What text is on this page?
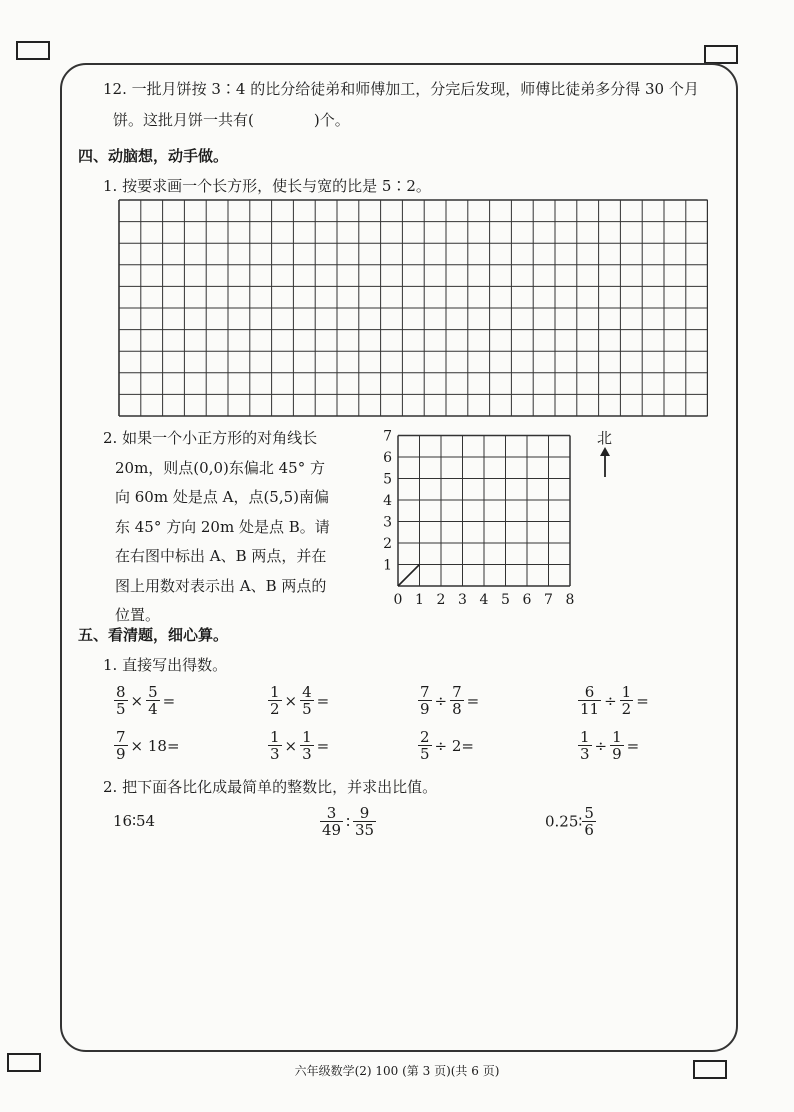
12. 一批月饼按 3∶4 的比分给徒弟和师傅加工，分完后发现，师傅比徒弟多分得 30 个月
饼。这批月饼一共有(　　　　)个。
四、动脑想，动手做。
1. 按要求画一个长方形，使长与宽的比是 5∶2。
2. 如果一个小正方形的对角线长
20m，则点(0,0)东偏北 45° 方
向 60m 处是点 A，点(5,5)南偏
东 45° 方向 20m 处是点 B。请
在右图中标出 A、B 两点，并在
图上用数对表示出 A、B 两点的
位置。
0 1 2 3 4 5 6 7 8
1
2
3
4
5
6
7	北
五、看清题，细心算。
1. 直接写出得数。
$\frac{8}{5} \times \frac{5}{4}$ =	$\frac{1}{2} \times \frac{4}{5}$ =	$\frac{7}{9} \div \frac{7}{8}$ =	$\frac{6}{11} \div \frac{1}{2}$ =
$\frac{7}{9} \times 18=$	$\frac{1}{3} \times \frac{1}{3}$ =	$\frac{2}{5} \div 2=$	$\frac{1}{3} \div \frac{1}{9}$ =
2. 把下面各比化成最简单的整数比，并求出比值。
16∶54	$\frac{3}{49}$ ∶ $\frac{9}{35}$	0.25∶ $\frac{5}{6}$
六年级数学(2) 100 (第 3 页)(共 6 页)
